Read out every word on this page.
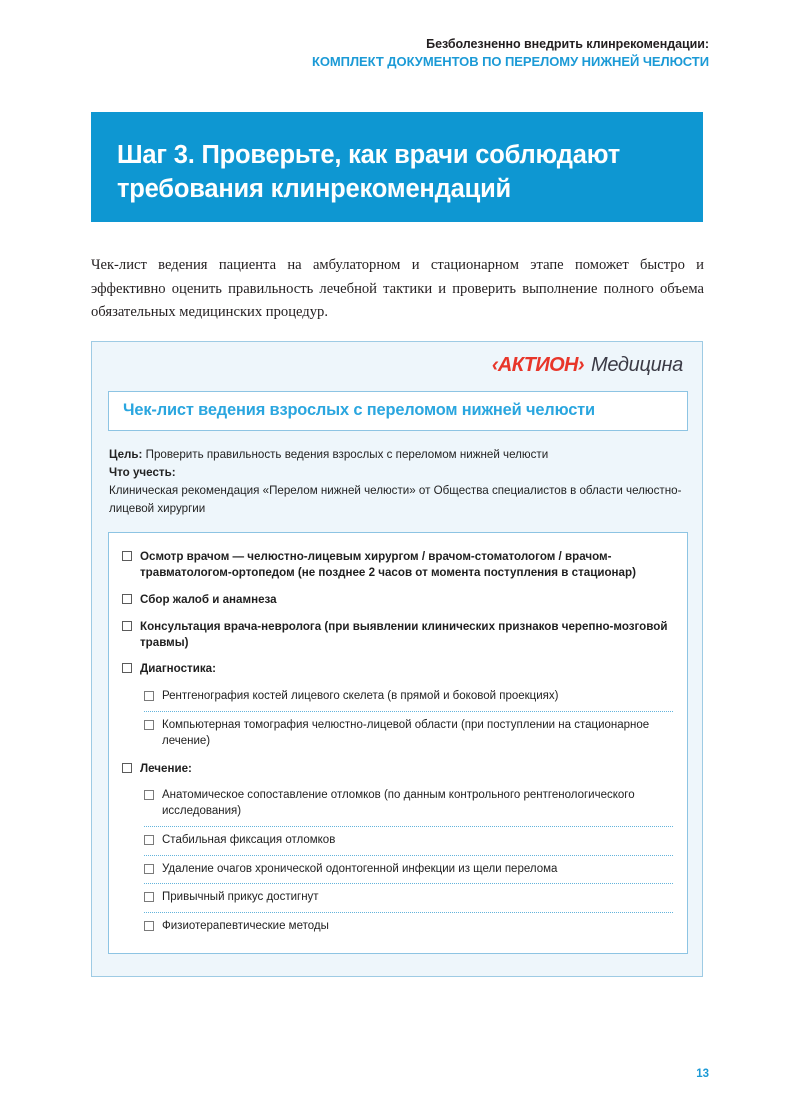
Безболезненно внедрить клинрекомендации:
КОМПЛЕКТ ДОКУМЕНТОВ ПО ПЕРЕЛОМУ НИЖНЕЙ ЧЕЛЮСТИ
Шаг 3. Проверьте, как врачи соблюдают требования клинрекомендаций
Чек-лист ведения пациента на амбулаторном и стационарном этапе поможет быстро и эффективно оценить правильность лечебной тактики и проверить выполнение полного объема обязательных медицинских процедур.
‹АКТИОН› Медицина
Чек-лист ведения взрослых с переломом нижней челюсти
Цель: Проверить правильность ведения взрослых с переломом нижней челюсти
Что учесть:
Клиническая рекомендация «Перелом нижней челюсти» от Общества специалистов в области челюстно-лицевой хирургии
Осмотр врачом — челюстно-лицевым хирургом / врачом-стоматологом / врачом-травматологом-ортопедом (не позднее 2 часов от момента поступления в стационар)
Сбор жалоб и анамнеза
Консультация врача-невролога (при выявлении клинических признаков черепно-мозговой травмы)
Диагностика:
Рентгенография костей лицевого скелета (в прямой и боковой проекциях)
Компьютерная томография челюстно-лицевой области (при поступлении на стационарное лечение)
Лечение:
Анатомическое сопоставление отломков (по данным контрольного рентгенологического исследования)
Стабильная фиксация отломков
Удаление очагов хронической одонтогенной инфекции из щели перелома
Привычный прикус достигнут
Физиотерапевтические методы
13
